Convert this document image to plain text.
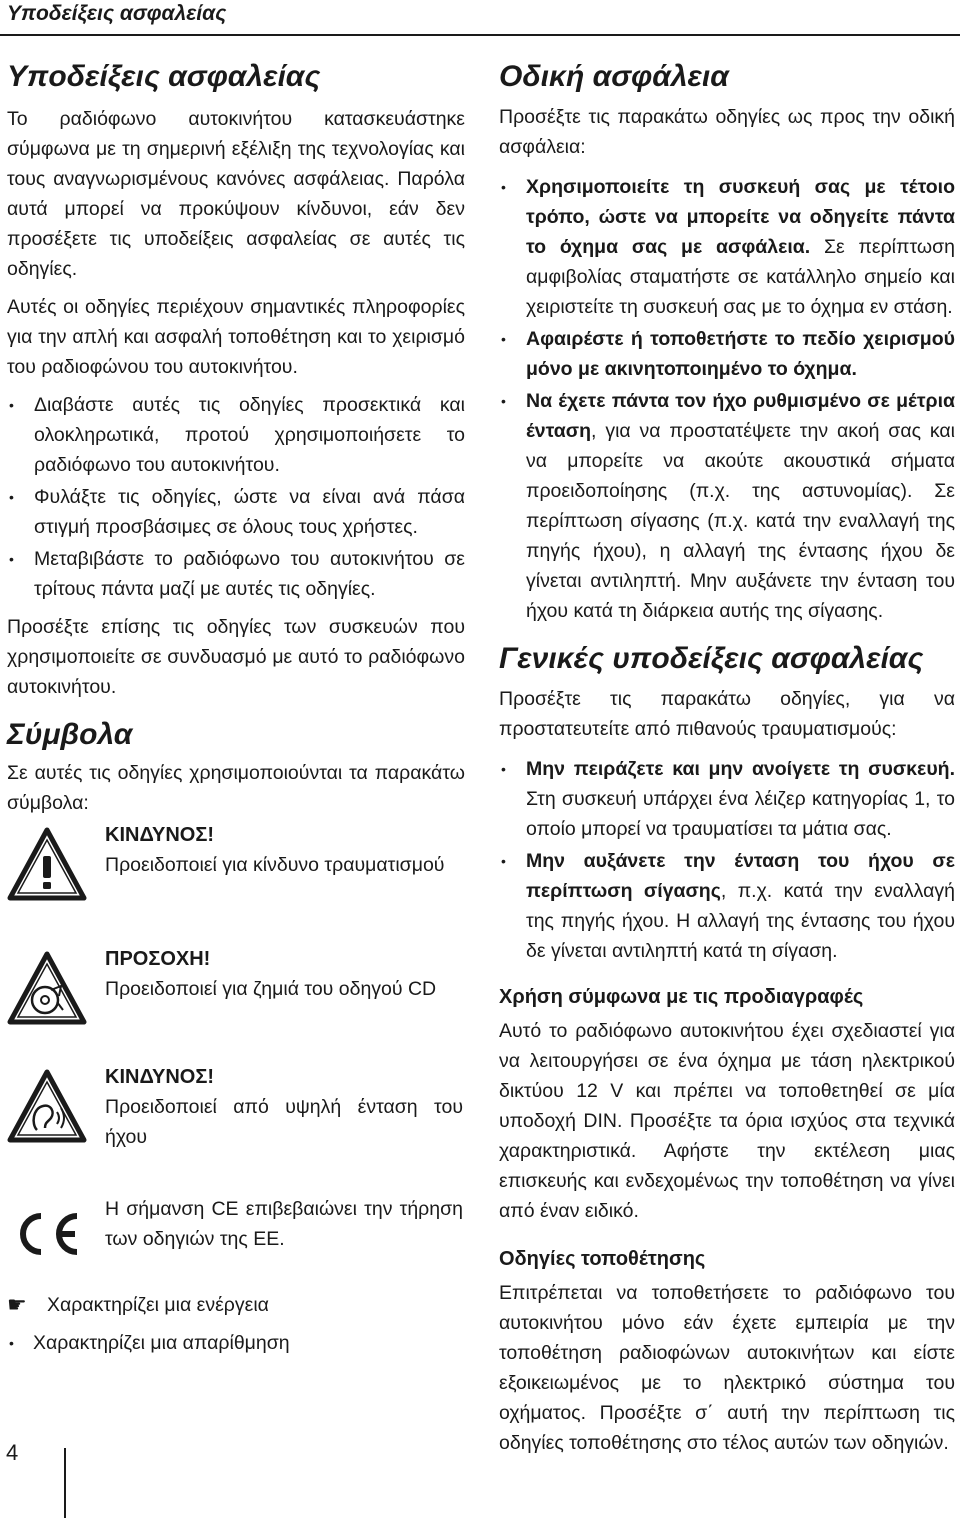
Υποδείξεις ασφαλείας
Υποδείξεις ασφαλείας

Το ραδιόφωνο αυτοκινήτου κατασκευάστηκε σύμφωνα με τη σημερινή εξέλιξη της τεχνολογίας και τους αναγνωρισμένους κανόνες ασφάλειας. Παρόλα αυτά μπορεί να προκύψουν κίνδυνοι, εάν δεν προσέξετε τις υποδείξεις ασφαλείας σε αυτές τις οδηγίες.

Αυτές οι οδηγίες περιέχουν σημαντικές πληροφορίες για την απλή και ασφαλή τοποθέτηση και το χειρισμό του ραδιοφώνου του αυτοκινήτου.

• Διαβάστε αυτές τις οδηγίες προσεκτικά και ολοκληρωτικά, προτού χρησιμοποιήσετε το ραδιόφωνο του αυτοκινήτου.
• Φυλάξτε τις οδηγίες, ώστε να είναι ανά πάσα στιγμή προσβάσιμες σε όλους τους χρήστες.
• Μεταβιβάστε το ραδιόφωνο του αυτοκινήτου σε τρίτους πάντα μαζί με αυτές τις οδηγίες.

Προσέξτε επίσης τις οδηγίες των συσκευών που χρησιμοποιείτε σε συνδυασμό με αυτό το ραδιόφωνο αυτοκινήτου.

Σύμβολα

Σε αυτές τις οδηγίες χρησιμοποιούνται τα παρακάτω σύμβολα:

ΚΙΝΔΥΝΟΣ!
Προειδοποιεί για κίνδυνο τραυματισμού
ΠΡΟΣΟΧΗ!
Προειδοποιεί για ζημιά του οδηγού CD
ΚΙΝΔΥΝΟΣ!
Προειδοποιεί από υψηλή ένταση του ήχου
Η σήμανση CE επιβεβαιώνει την τήρηση των οδηγιών της ΕΕ.
☛ Χαρακτηρίζει μια ενέργεια
• Χαρακτηρίζει μια απαρίθμηση
Οδική ασφάλεια

Προσέξτε τις παρακάτω οδηγίες ως προς την οδική ασφάλεια:

• Χρησιμοποιείτε τη συσκευή σας με τέτοιο τρόπο, ώστε να μπορείτε να οδηγείτε πάντα το όχημα σας με ασφάλεια. Σε περίπτωση αμφιβολίας σταματήστε σε κατάλληλο σημείο και χειριστείτε τη συσκευή σας με το όχημα εν στάση.
• Αφαιρέστε ή τοποθετήστε το πεδίο χειρισμού μόνο με ακινητοποιημένο το όχημα.
• Να έχετε πάντα τον ήχο ρυθμισμένο σε μέτρια ένταση, για να προστατέψετε την ακοή σας και να μπορείτε να ακούτε ακουστικά σήματα προειδοποίησης (π.χ. της αστυνομίας). Σε περίπτωση σίγασης (π.χ. κατά την εναλλαγή της πηγής ήχου), η αλλαγή της έντασης ήχου δε γίνεται αντιληπτή. Μην αυξάνετε την ένταση του ήχου κατά τη διάρκεια αυτής της σίγασης.
Γενικές υποδείξεις ασφαλείας

Προσέξτε τις παρακάτω οδηγίες, για να προστατευτείτε από πιθανούς τραυματισμούς:

• Μην πειράζετε και μην ανοίγετε τη συσκευή. Στη συσκευή υπάρχει ένα λέιζερ κατηγορίας 1, το οποίο μπορεί να τραυματίσει τα μάτια σας.
• Μην αυξάνετε την ένταση του ήχου σε περίπτωση σίγασης, π.χ. κατά την εναλλαγή της πηγής ήχου. Η αλλαγή της έντασης του ήχου δε γίνεται αντιληπτή κατά τη σίγαση.
Χρήση σύμφωνα με τις προδιαγραφές

Αυτό το ραδιόφωνο αυτοκινήτου έχει σχεδιαστεί για να λειτουργήσει σε ένα όχημα με τάση ηλεκτρικού δικτύου 12 V και πρέπει να τοποθετηθεί σε μία υποδοχή DIN. Προσέξτε τα όρια ισχύος στα τεχνικά χαρακτηριστικά. Αφήστε την εκτέλεση μιας επισκευής και ενδεχομένως την τοποθέτηση να γίνει από έναν ειδικό.

Οδηγίες τοποθέτησης

Επιτρέπεται να τοποθετήσετε το ραδιόφωνο του αυτοκινήτου μόνο εάν έχετε εμπειρία με την τοποθέτηση ραδιοφώνων αυτοκινήτων και είστε εξοικειωμένος με το ηλεκτρικό σύστημα του οχήματος. Προσέξτε σ΄ αυτή την περίπτωση τις οδηγίες τοποθέτησης στο τέλος αυτών των οδηγιών.

4
